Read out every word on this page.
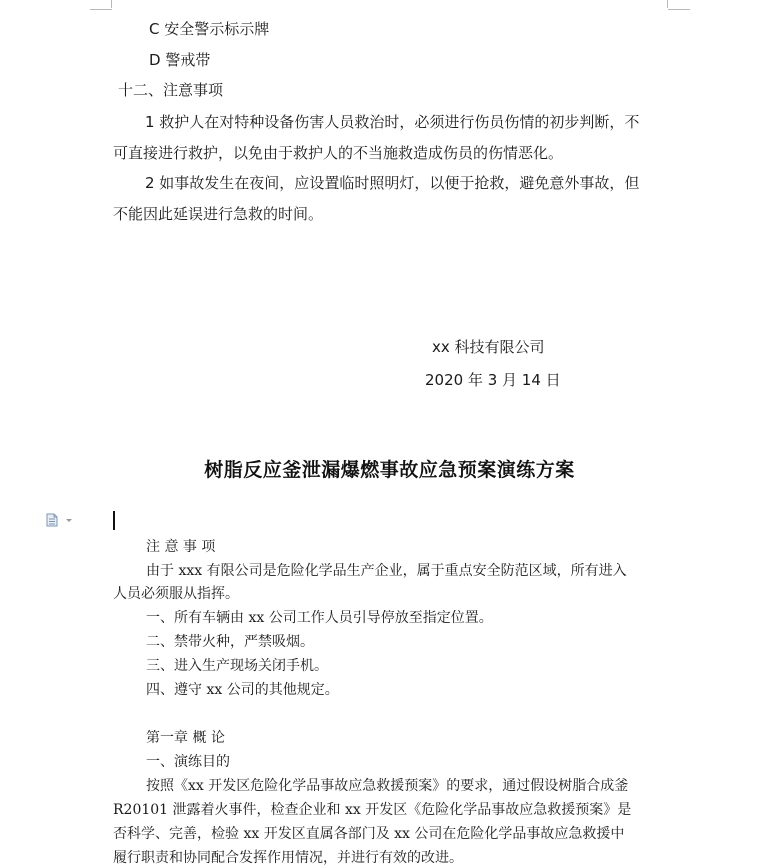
C 安全警示标示牌
D 警戒带
十二、注意事项
1 救护人在对特种设备伤害人员救治时，必须进行伤员伤情的初步判断，不
可直接进行救护，以免由于救护人的不当施救造成伤员的伤情恶化。
2 如事故发生在夜间，应设置临时照明灯，以便于抢救，避免意外事故，但
不能因此延误进行急救的时间。
xx 科技有限公司
2020 年 3 月 14 日
树脂反应釜泄漏爆燃事故应急预案演练方案
注 意 事 项
由于 xxx 有限公司是危险化学品生产企业，属于重点安全防范区域，所有进入
人员必须服从指挥。
一、所有车辆由 xx 公司工作人员引导停放至指定位置。
二、禁带火种，严禁吸烟。
三、进入生产现场关闭手机。
四、遵守 xx 公司的其他规定。
第一章 概 论
一、演练目的
按照《xx 开发区危险化学品事故应急救援预案》的要求，通过假设树脂合成釜
R20101 泄露着火事件，检查企业和 xx 开发区《危险化学品事故应急救援预案》是
否科学、完善，检验 xx 开发区直属各部门及 xx 公司在危险化学品事故应急救援中
履行职责和协同配合发挥作用情况，并进行有效的改进。
